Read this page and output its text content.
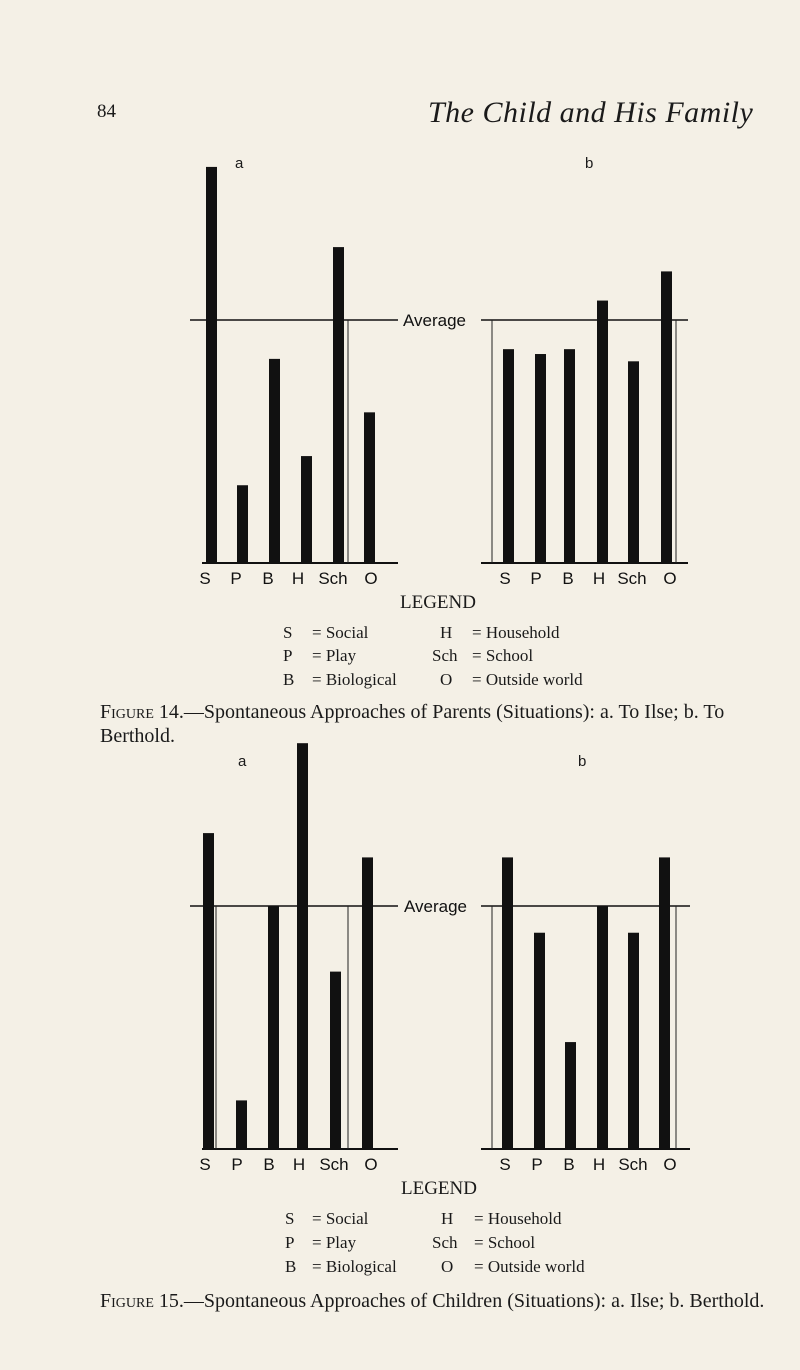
84	The Child and His Family
a	b
Average
S P B H Sch O	S P B H Sch O
Average
S P B H Sch O	S P B H Sch O
LEGEND
S = Social
P = Play
B = Biological
H = Household
Sch = School
O = Outside world
Figure 14.—Spontaneous Approaches of Parents (Situations): a. To Ilse; b. To Berthold.
a	b
LEGEND
S = Social
P = Play
B = Biological
H = Household
Sch = School
O = Outside world
Figure 15.—Spontaneous Approaches of Children (Situations): a. Ilse; b. Berthold.
